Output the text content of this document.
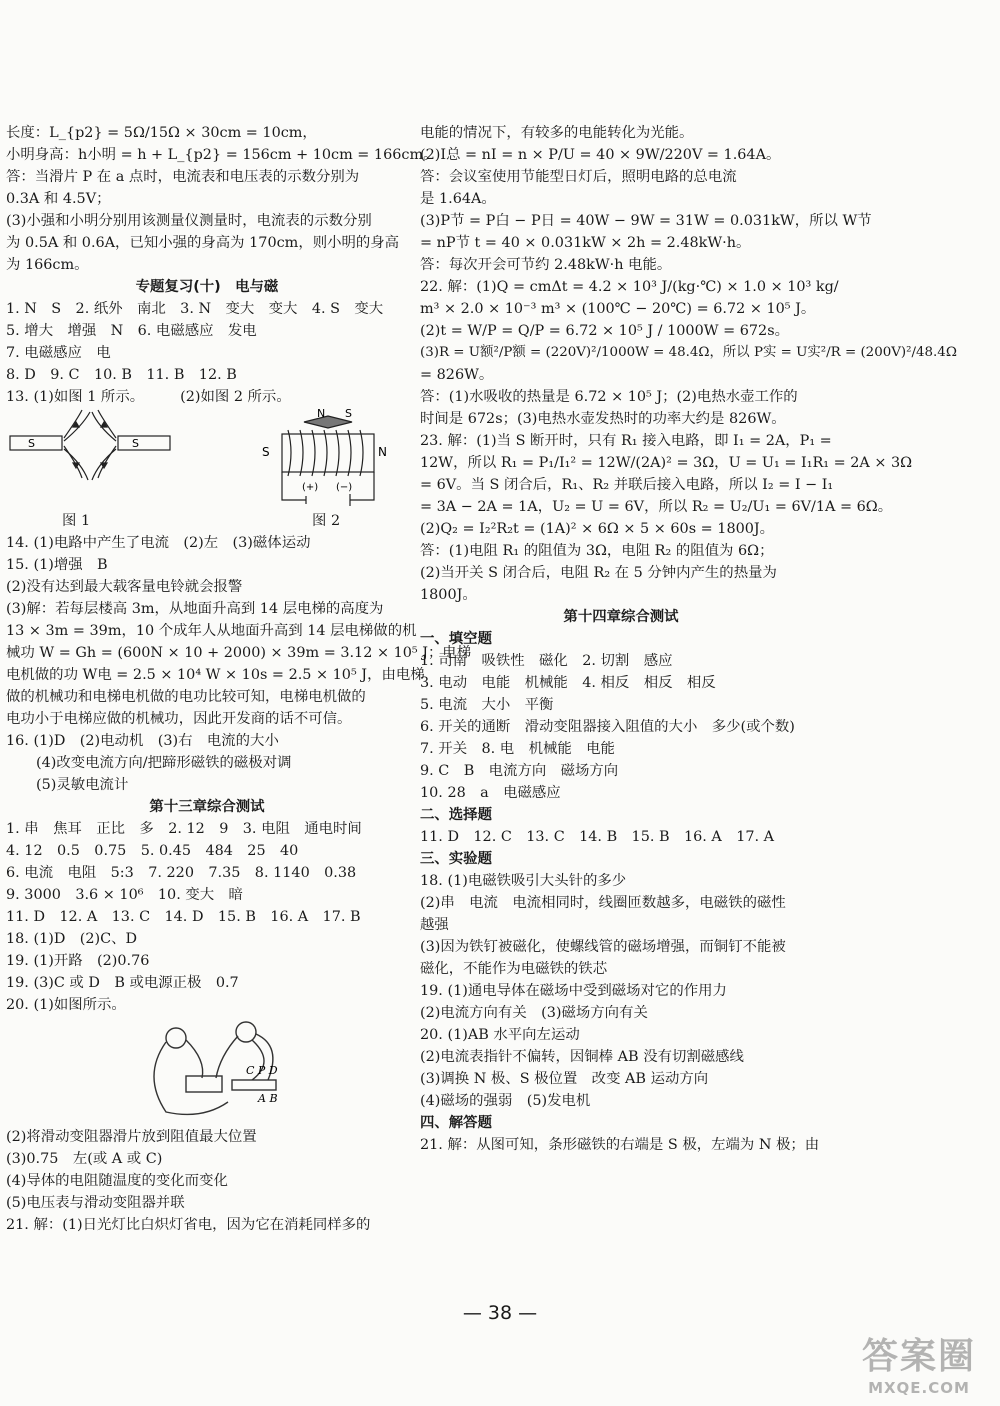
长度：L_{p2} = 5Ω/15Ω × 30cm = 10cm，
小明身高：h小明 = h + L_{p2} = 156cm + 10cm = 166cm。
答：当滑片 P 在 a 点时，电流表和电压表的示数分别为
0.3A 和 4.5V；
(3)小强和小明分别用该测量仪测量时，电流表的示数分别
为 0.5A 和 0.6A，已知小强的身高为 170cm，则小明的身高
为 166cm。
专题复习(十)　电与磁
1. N　S　2. 纸外　南北　3. N　变大　变大　4. S　变大
5. 增大　增强　N　6. 电磁感应　发电
7. 电磁感应　电
8. D　9. C　10. B　11. B　12. B
13. (1)如图 1 所示。　　　(2)如图 2 所示。
S	S
N S
S	N
(+) (−)
图 1	图 2
14. (1)电路中产生了电流　(2)左　(3)磁体运动
15. (1)增强　B
(2)没有达到最大载客量电铃就会报警
(3)解：若每层楼高 3m，从地面升高到 14 层电梯的高度为
13 × 3m = 39m，10 个成年人从地面升高到 14 层电梯做的机
械功 W = Gh = (600N × 10 + 2000) × 39m = 3.12 × 10⁵ J；电梯
电机做的功 W电 = 2.5 × 10⁴ W × 10s = 2.5 × 10⁵ J，由电梯
做的机械功和电梯电机做的电功比较可知，电梯电机做的
电功小于电梯应做的机械功，因此开发商的话不可信。
16. (1)D　(2)电动机　(3)右　电流的大小
(4)改变电流方向/把蹄形磁铁的磁极对调
(5)灵敏电流计
第十三章综合测试
1. 串　焦耳　正比　多　2. 12　9　3. 电阻　通电时间
4. 12　0.5　0.75　5. 0.45　484　25　40
6. 电流　电阻　5:3　7. 220　7.35　8. 1140　0.38
9. 3000　3.6 × 10⁶　10. 变大　暗
11. D　12. A　13. C　14. D　15. B　16. A　17. B
18. (1)D　(2)C、D
19. (1)开路　(2)0.76
19. (3)C 或 D　B 或电源正极　0.7
20. (1)如图所示。
C P D
A B
(2)将滑动变阻器滑片放到阻值最大位置
(3)0.75　左(或 A 或 C)
(4)导体的电阻随温度的变化而变化
(5)电压表与滑动变阻器并联
21. 解：(1)日光灯比白炽灯省电，因为它在消耗同样多的
电能的情况下，有较多的电能转化为光能。
(2)I总 = nI = n × P/U = 40 × 9W/220V = 1.64A。
答：会议室使用节能型日灯后，照明电路的总电流
是 1.64A。
(3)P节 = P白 − P日 = 40W − 9W = 31W = 0.031kW，所以 W节
= nP节 t = 40 × 0.031kW × 2h = 2.48kW·h。
答：每次开会可节约 2.48kW·h 电能。
22. 解：(1)Q = cmΔt = 4.2 × 10³ J/(kg·℃) × 1.0 × 10³ kg/
m³ × 2.0 × 10⁻³ m³ × (100℃ − 20℃) = 6.72 × 10⁵ J。
(2)t = W/P = Q/P = 6.72 × 10⁵ J / 1000W = 672s。
(3)R = U额²/P额 = (220V)²/1000W = 48.4Ω，所以 P实 = U实²/R = (200V)²/48.4Ω
= 826W。
答：(1)水吸收的热量是 6.72 × 10⁵ J；(2)电热水壶工作的
时间是 672s；(3)电热水壶发热时的功率大约是 826W。
23. 解：(1)当 S 断开时，只有 R₁ 接入电路，即 I₁ = 2A，P₁ =
12W，所以 R₁ = P₁/I₁² = 12W/(2A)² = 3Ω，U = U₁ = I₁R₁ = 2A × 3Ω
= 6V。当 S 闭合后，R₁、R₂ 并联后接入电路，所以 I₂ = I − I₁
= 3A − 2A = 1A，U₂ = U = 6V，所以 R₂ = U₂/U₁ = 6V/1A = 6Ω。
(2)Q₂ = I₂²R₂t = (1A)² × 6Ω × 5 × 60s = 1800J。
答：(1)电阻 R₁ 的阻值为 3Ω，电阻 R₂ 的阻值为 6Ω；
(2)当开关 S 闭合后，电阻 R₂ 在 5 分钟内产生的热量为
1800J。
第十四章综合测试
一、填空题
1. 司南　吸铁性　磁化　2. 切割　感应
3. 电动　电能　机械能　4. 相反　相反　相反
5. 电流　大小　平衡
6. 开关的通断　滑动变阻器接入阻值的大小　多少(或个数)
7. 开关　8. 电　机械能　电能
9. C　B　电流方向　磁场方向
10. 28　a　电磁感应
二、选择题
11. D　12. C　13. C　14. B　15. B　16. A　17. A
三、实验题
18. (1)电磁铁吸引大头针的多少
(2)串　电流　电流相同时，线圈匝数越多，电磁铁的磁性
越强
(3)因为铁钉被磁化，使螺线管的磁场增强，而铜钉不能被
磁化，不能作为电磁铁的铁芯
19. (1)通电导体在磁场中受到磁场对它的作用力
(2)电流方向有关　(3)磁场方向有关
20. (1)AB 水平向左运动
(2)电流表指针不偏转，因铜棒 AB 没有切割磁感线
(3)调换 N 极、S 极位置　改变 AB 运动方向
(4)磁场的强弱　(5)发电机
四、解答题
21. 解：从图可知，条形磁铁的右端是 S 极，左端为 N 极；由
— 38 —
答案圈
MXQE.COM
